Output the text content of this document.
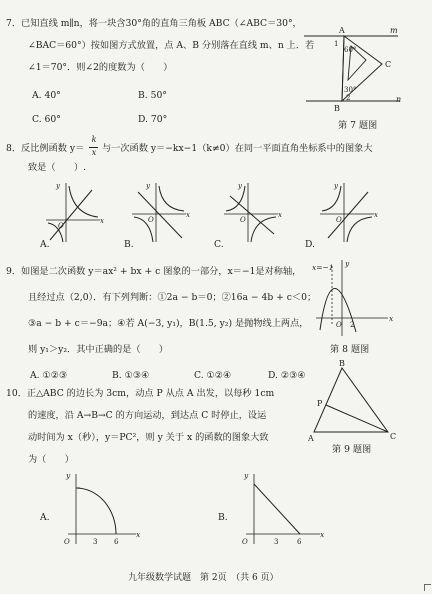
7．已知直线 m∥n，将一块含30°角的直角三角板 ABC（∠ABC＝30°，
∠BAC＝60°）按如图方式放置，点 A、B 分别落在直线 m、n 上．若
∠1＝70°．则∠2的度数为（　　）
A. 40°	B. 50°
C. 60°	D. 70°
A	m
1
60°
C
30°
2
B
n
第 7 题图
8．反比例函数 y＝
k
x 与一次函数 y＝−kx−1（k≠0）在同一平面直角坐标系中的图象大
致是（　　）.
y
x
O
A.
y
x
O
B.
y
x
O
C.
y
x
O
D.
9．如图是二次函数 y＝ax² + bx + c 图象的一部分，x＝−1是对称轴，
且经过点（2,0）．有下列判断：①2a − b＝0；②16a − 4b + c＜0；
③a − b + c＝−9a；④若 A(−3, y₁)，B(1.5, y₂) 是抛物线上两点，
则 y₁＞y₂．其中正确的是（　　）
A. ①②③	B. ①③④	C. ①②④	D. ②③④
x=−1 y
x
O 2
第 8 题图
10．正△ABC 的边长为 3cm，动点 P 从点 A 出发，以每秒 1cm
的速度，沿 A→B→C 的方向运动，到达点 C 时停止，设运
动时间为 x（秒），y＝PC²，则 y 关于 x 的函数的图象大致
为（　　）
B
P
A	C
第 9 题图
y
x
O	3 6
A.
y
x
O	3	6
B.
九年级数学试题　第 2页　（共 6 页）
